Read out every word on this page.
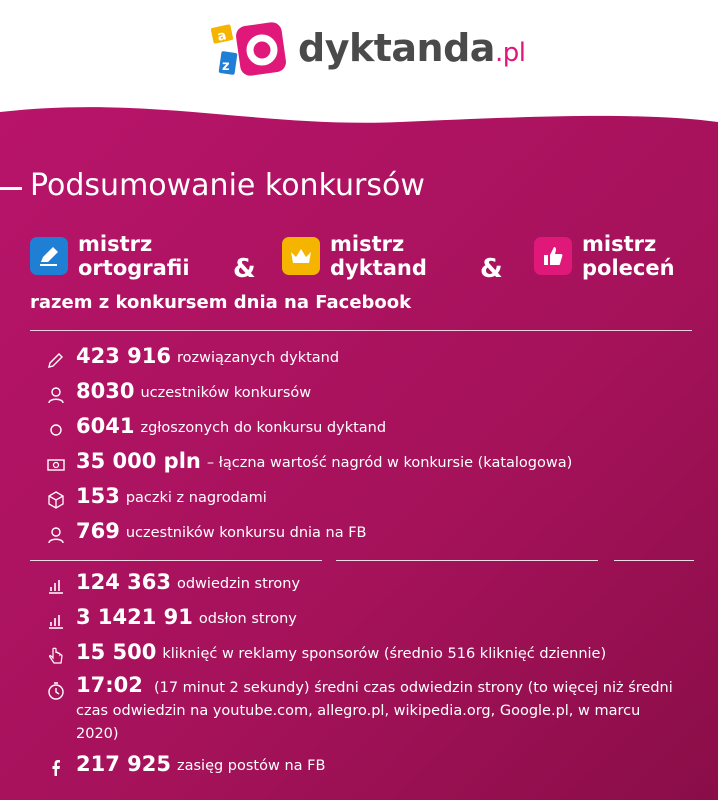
a
z dyktanda.pl
Podsumowanie konkursów
mistrz
ortografii &
mistrz
dyktand &
mistrz
poleceń
razem z konkursem dnia na Facebook
423 916 rozwiązanych dyktand
8030 uczestników konkursów
6041 zgłoszonych do konkursu dyktand
35 000 pln – łączna wartość nagród w konkursie (katalogowa)
153 paczki z nagrodami
769 uczestników konkursu dnia na FB
124 363 odwiedzin strony
3 1421 91 odsłon strony
15 500 kliknięć w reklamy sponsorów (średnio 516 kliknięć dziennie)
17:02 (17 minut 2 sekundy) średni czas odwiedzin strony (to więcej niż średni czas odwiedzin na youtube.com, allegro.pl, wikipedia.org, Google.pl, w marcu 2020)
217 925 zasięg postów na FB
